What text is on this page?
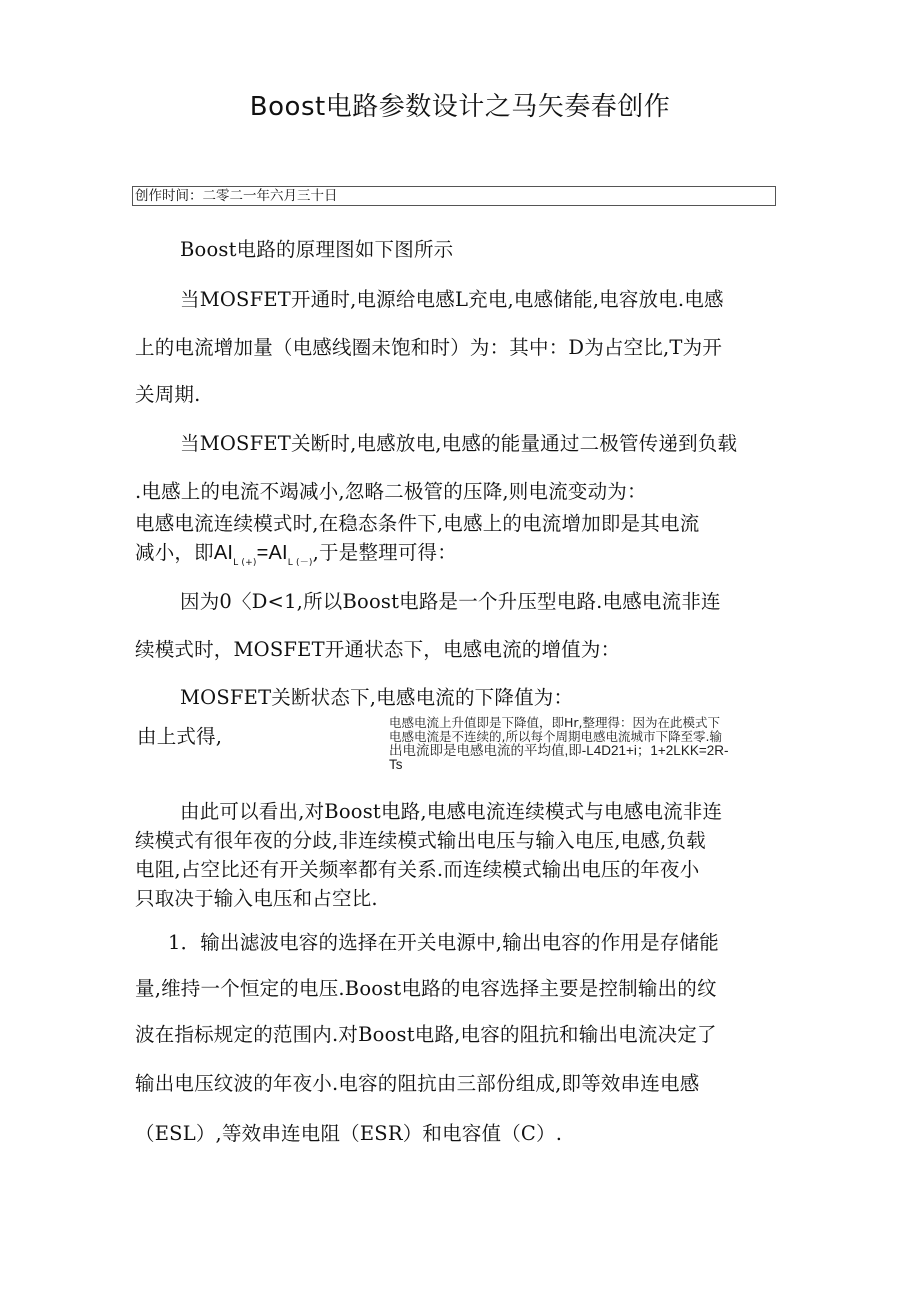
Boost电路参数设计之马矢奏春创作
创作时间：二零二一年六月三十日
Boost电路的原理图如下图所示
当MOSFET开通时,电源给电感L充电,电感储能,电容放电.电感
上的电流增加量（电感线圈未饱和时）为：其中：D为占空比,T为开
关周期.
当MOSFET关断时,电感放电,电感的能量通过二极管传递到负载
.电感上的电流不竭减小,忽略二极管的压降,则电流变动为：
电感电流连续模式时,在稳态条件下,电感上的电流增加即是其电流
减小，即$AI_{L (+)}=AI_{L (-)}$,于是整理可得：
因为0〈D<1,所以Boost电路是一个升压型电路.电感电流非连
续模式时，MOSFET开通状态下，电感电流的增值为：
MOSFET关断状态下,电感电流的下降值为：
由上式得,
电感电流上升值即是下降值，即Hr,整理得：因为在此模式下
电感电流是不连续的,所以每个周期电感电流城市下降至零.输
出电流即是电感电流的平均值,即-L4D21+i；1+2LKK=2R-
Ts
由此可以看出,对Boost电路,电感电流连续模式与电感电流非连
续模式有很年夜的分歧,非连续模式输出电压与输入电压,电感,负载
电阻,占空比还有开关频率都有关系.而连续模式输出电压的年夜小
只取决于输入电压和占空比.
1．输出滤波电容的选择在开关电源中,输出电容的作用是存储能
量,维持一个恒定的电压.Boost电路的电容选择主要是控制输出的纹
波在指标规定的范围内.对Boost电路,电容的阻抗和输出电流决定了
输出电压纹波的年夜小.电容的阻抗由三部份组成,即等效串连电感
（ESL）,等效串连电阻（ESR）和电容值（C）.
